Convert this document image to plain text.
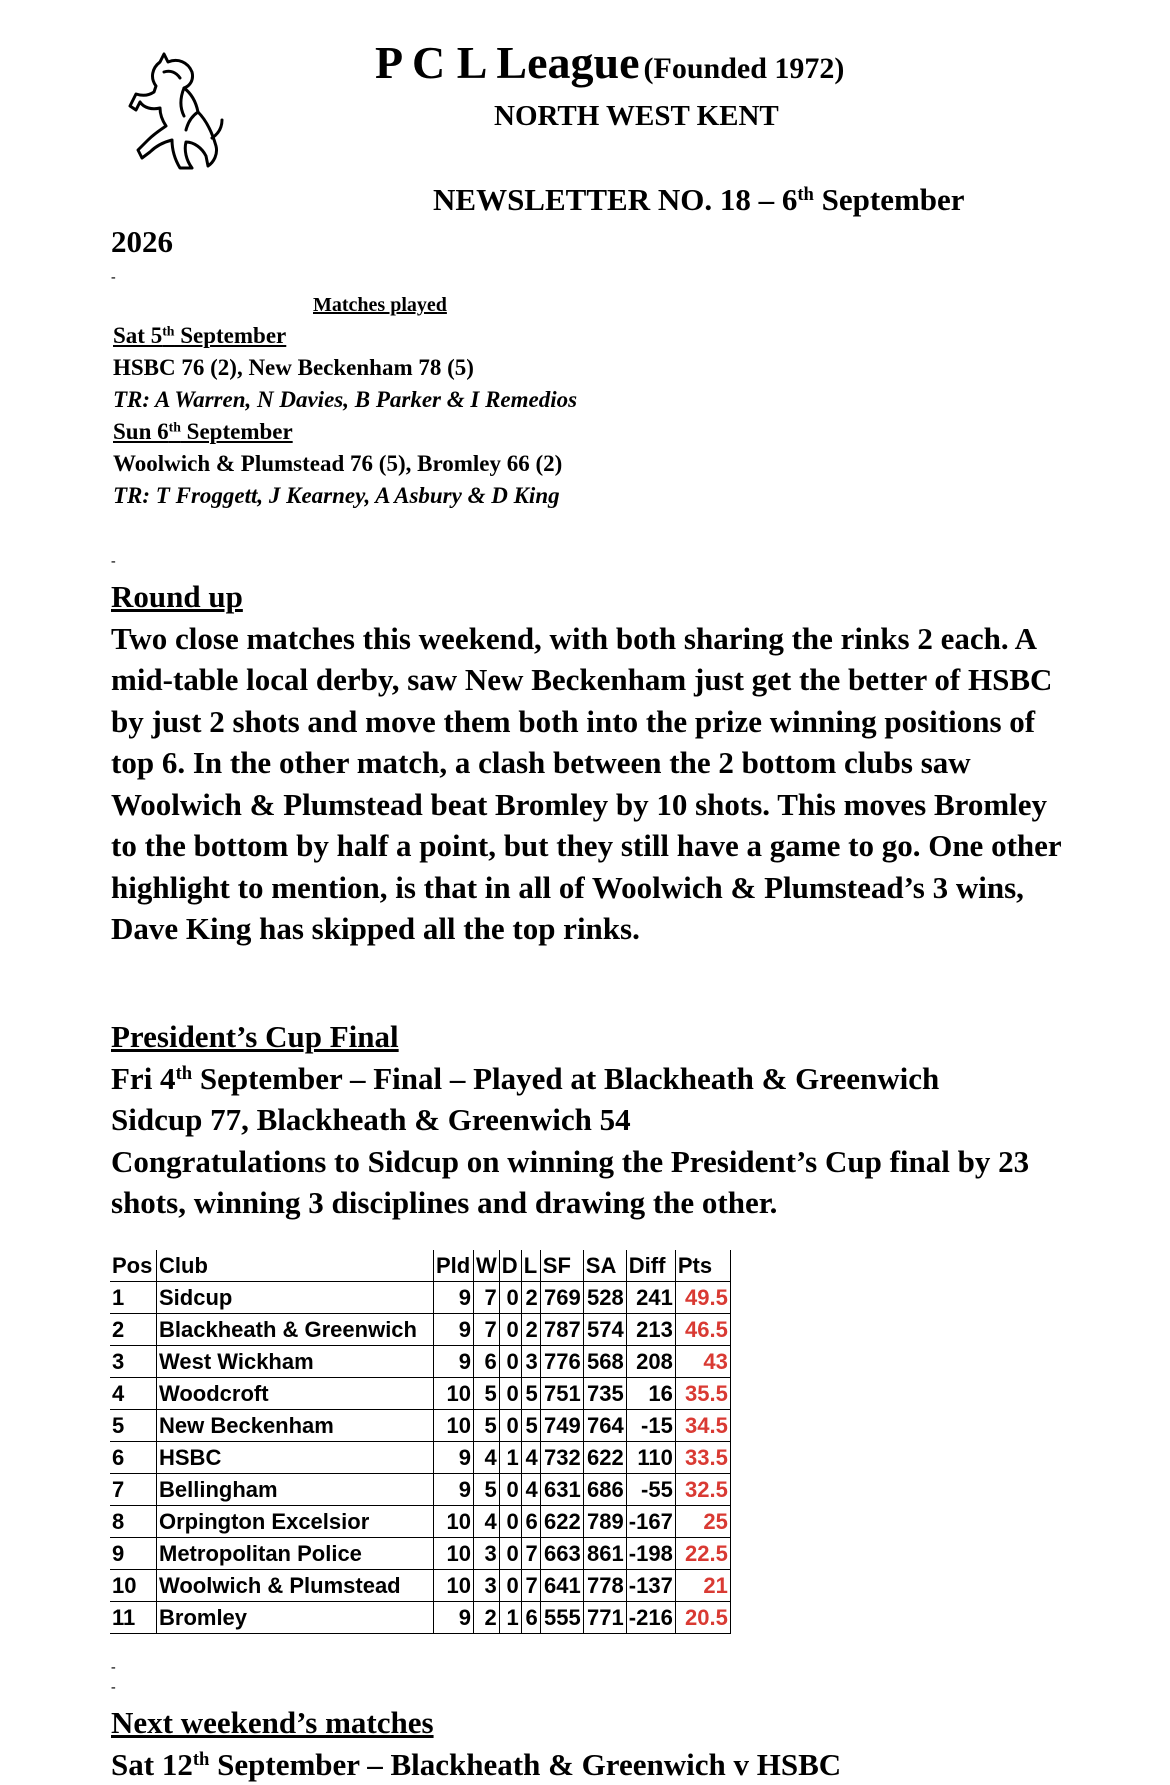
P C L League (Founded 1972)
NORTH WEST KENT
NEWSLETTER NO. 18 – 6th September
2026
-
Matches played
Sat 5th September
HSBC 76 (2), New Beckenham 78 (5)
TR: A Warren, N Davies, B Parker & I Remedios
Sun 6th September
Woolwich & Plumstead 76 (5), Bromley 66 (2)
TR: T Froggett, J Kearney, A Asbury & D King
-
Round up
Two close matches this weekend, with both sharing the rinks 2 each. A mid-table local derby, saw New Beckenham just get the better of HSBC by just 2 shots and move them both into the prize winning positions of top 6. In the other match, a clash between the 2 bottom clubs saw Woolwich & Plumstead beat Bromley by 10 shots. This moves Bromley to the bottom by half a point, but they still have a game to go. One other highlight to mention, is that in all of Woolwich & Plumstead’s 3 wins, Dave King has skipped all the top rinks.
President’s Cup Final
Fri 4th September – Final – Played at Blackheath & Greenwich
Sidcup 77, Blackheath & Greenwich 54
Congratulations to Sidcup on winning the President’s Cup final by 23 shots, winning 3 disciplines and drawing the other.
Pos	Club	Pld	W	D	L	SF	SA	Diff	Pts
1	Sidcup	9	7	0	2	769	528	241	49.5
2	Blackheath & Greenwich	9	7	0	2	787	574	213	46.5
3	West Wickham	9	6	0	3	776	568	208	43
4	Woodcroft	10	5	0	5	751	735	16	35.5
5	New Beckenham	10	5	0	5	749	764	-15	34.5
6	HSBC	9	4	1	4	732	622	110	33.5
7	Bellingham	9	5	0	4	631	686	-55	32.5
8	Orpington Excelsior	10	4	0	6	622	789	-167	25
9	Metropolitan Police	10	3	0	7	663	861	-198	22.5
10	Woolwich & Plumstead	10	3	0	7	641	778	-137	21
11	Bromley	9	2	1	6	555	771	-216	20.5
-
-
Next weekend’s matches
Sat 12th September – Blackheath & Greenwich v HSBC
